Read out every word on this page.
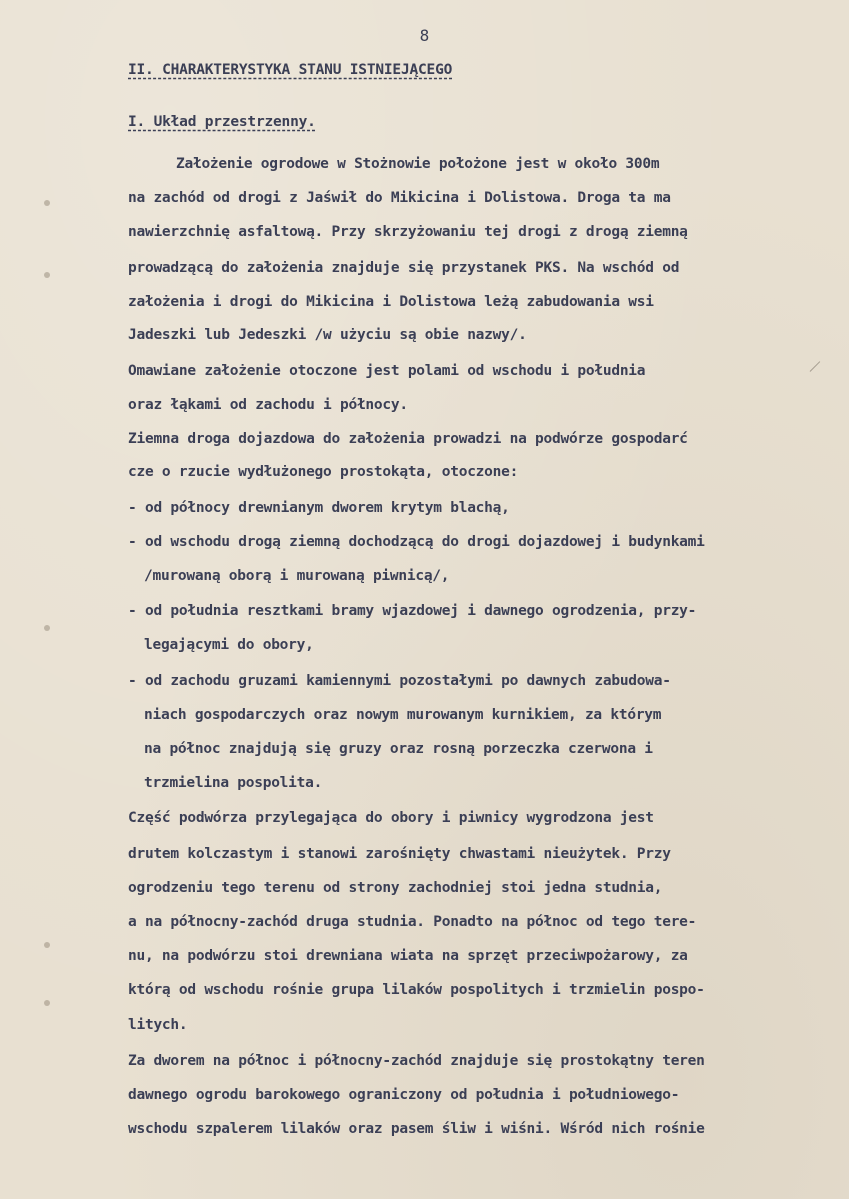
8
II. CHARAKTERYSTYKA STANU ISTNIEJĄCEGO
I. Układ przestrzenny.
Założenie ogrodowe w Stożnowie położone jest w około 300m
na zachód od drogi z Jaświł do Mikicina i Dolistowa. Droga ta ma
nawierzchnię asfaltową. Przy skrzyżowaniu tej drogi z drogą ziemną
prowadzącą do założenia znajduje się przystanek PKS. Na wschód od
założenia i drogi do Mikicina i Dolistowa leżą zabudowania wsi
Jadeszki lub Jedeszki /w użyciu są obie nazwy/.
Omawiane założenie otoczone jest polami od wschodu i południa
oraz łąkami od zachodu i północy.
Ziemna droga dojazdowa do założenia prowadzi na podwórze gospodarć
cze o rzucie wydłużonego prostokąta, otoczone:
- od północy drewnianym dworem krytym blachą,
- od wschodu drogą ziemną dochodzącą do drogi dojazdowej i budynkami
/murowaną oborą i murowaną piwnicą/,
- od południa resztkami bramy wjazdowej i dawnego ogrodzenia, przy-
legającymi do obory,
- od zachodu gruzami kamiennymi pozostałymi po dawnych zabudowa-
niach gospodarczych oraz nowym murowanym kurnikiem, za którym
na północ znajdują się gruzy oraz rosną porzeczka czerwona i
trzmielina pospolita.
Część podwórza przylegająca do obory i piwnicy wygrodzona jest
drutem kolczastym i stanowi zarośnięty chwastami nieużytek. Przy
ogrodzeniu tego terenu od strony zachodniej stoi jedna studnia,
a na północny-zachód druga studnia. Ponadto na północ od tego tere-
nu, na podwórzu stoi drewniana wiata na sprzęt przeciwpożarowy, za
którą od wschodu rośnie grupa lilaków pospolitych i trzmielin pospo-
litych.
Za dworem na północ i północny-zachód znajduje się prostokątny teren
dawnego ogrodu barokowego ograniczony od południa i południowego-
wschodu szpalerem lilaków oraz pasem śliw i wiśni. Wśród nich rośnie
